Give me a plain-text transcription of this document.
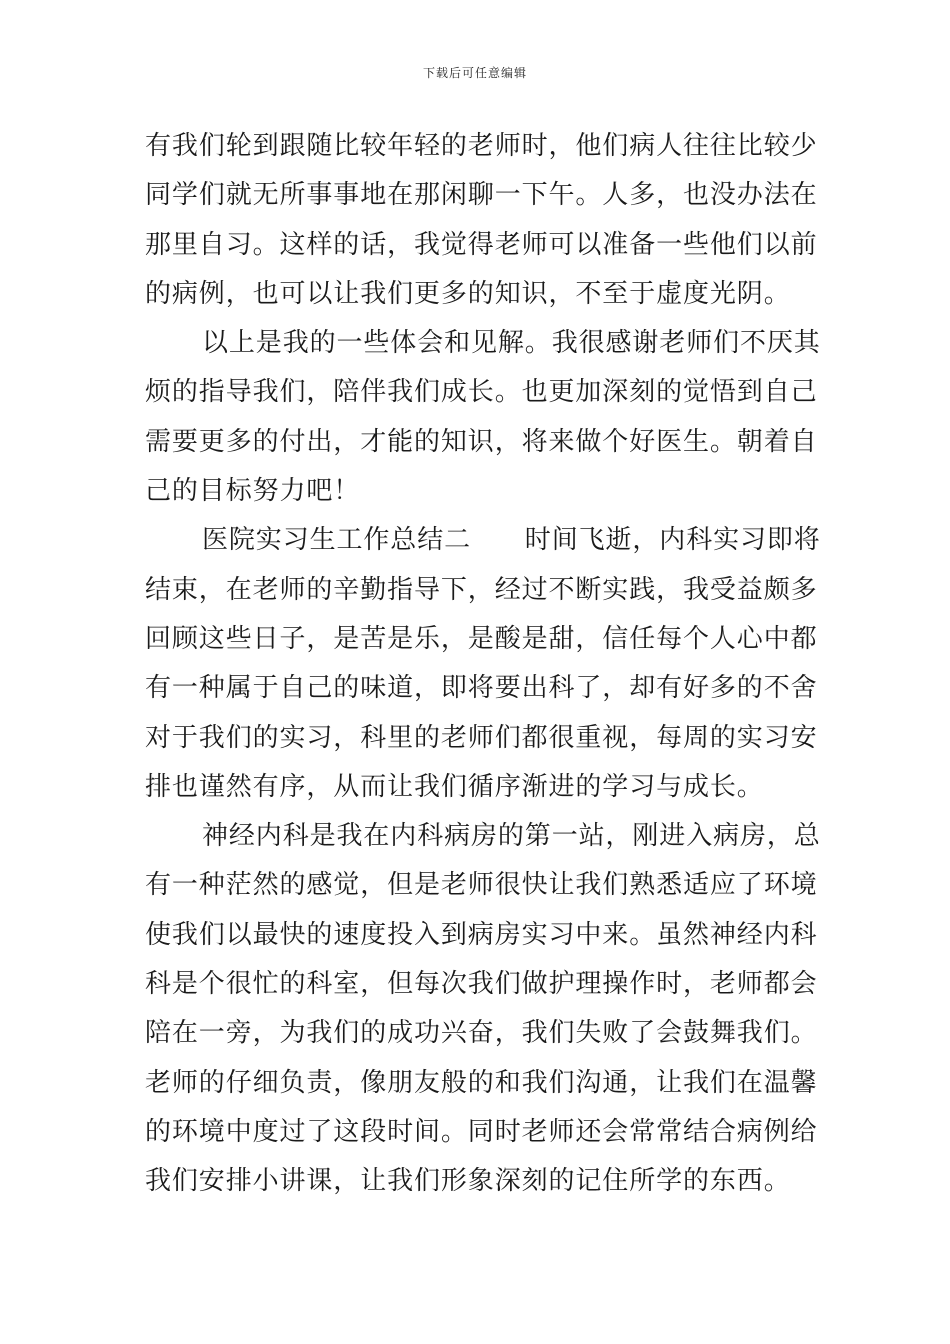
下载后可任意编辑
有我们轮到跟随比较年轻的老师时，他们病人往往比较少
同学们就无所事事地在那闲聊一下午。人多，也没办法在
那里自习。这样的话，我觉得老师可以准备一些他们以前
的病例，也可以让我们更多的知识，不至于虚度光阴。
以上是我的一些体会和见解。我很感谢老师们不厌其
烦的指导我们，陪伴我们成长。也更加深刻的觉悟到自己
需要更多的付出，才能的知识，将来做个好医生。朝着自
己的目标努力吧！
医院实习生工作总结二　　时间飞逝，内科实习即将
结束，在老师的辛勤指导下，经过不断实践，我受益颇多
回顾这些日子，是苦是乐，是酸是甜，信任每个人心中都
有一种属于自己的味道，即将要出科了，却有好多的不舍
对于我们的实习，科里的老师们都很重视，每周的实习安
排也谨然有序，从而让我们循序渐进的学习与成长。
神经内科是我在内科病房的第一站，刚进入病房，总
有一种茫然的感觉，但是老师很快让我们熟悉适应了环境
使我们以最快的速度投入到病房实习中来。虽然神经内科
科是个很忙的科室，但每次我们做护理操作时，老师都会
陪在一旁，为我们的成功兴奋，我们失败了会鼓舞我们。
老师的仔细负责，像朋友般的和我们沟通，让我们在温馨
的环境中度过了这段时间。同时老师还会常常结合病例给
我们安排小讲课，让我们形象深刻的记住所学的东西。
